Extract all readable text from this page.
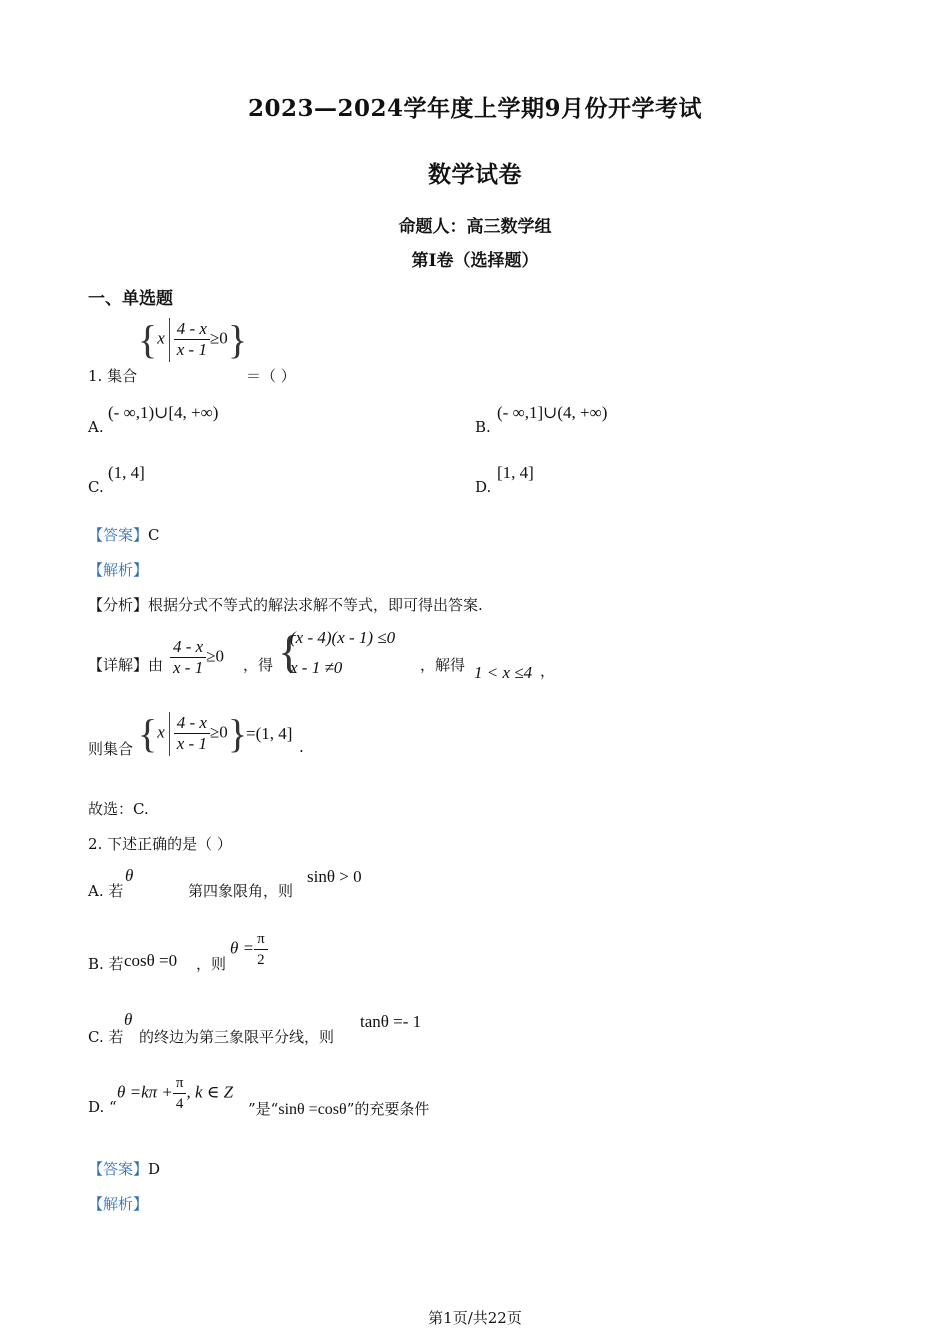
2023—2024学年度上学期9月份开学考试
数学试卷
命题人：高三数学组
第Ⅰ卷（选择题）
一、单选题
1. 集合
$\{x \frac{4 - x}{x - 1} \ge 0\}$
＝（ ）
A.
(- ∞,1)∪[4, +∞)
B.
(- ∞,1]∪(4, +∞)
C.
(1, 4]
D.
[1, 4]
【答案】C
【解析】
【分析】根据分式不等式的解法求解不等式，即可得出答案.
【详解】由 $\frac{4 - x}{x - 1} \ge 0$ ，得 {
(x - 4)(x - 1) ≤0
x - 1 ≠0	，解得 1 < x ≤4 ，
则集合 $\{x \frac{4 - x}{x - 1} \ge 0\}$
=(1, 4]
.
故选：C.
2. 下述正确的是（ ）
A. 若
θ
第四象限角，则
sinθ > 0
B. 若 cosθ =0 ，则
$\theta = \frac{\pi}{2}$
C. 若
θ
的终边为第三象限平分线，则
tanθ =- 1
D. “
$\theta =k\pi + \frac{\pi}{4}$ , k ∈ Z
”是“sinθ =cosθ”的充要条件
【答案】D
【解析】
第1页/共22页
